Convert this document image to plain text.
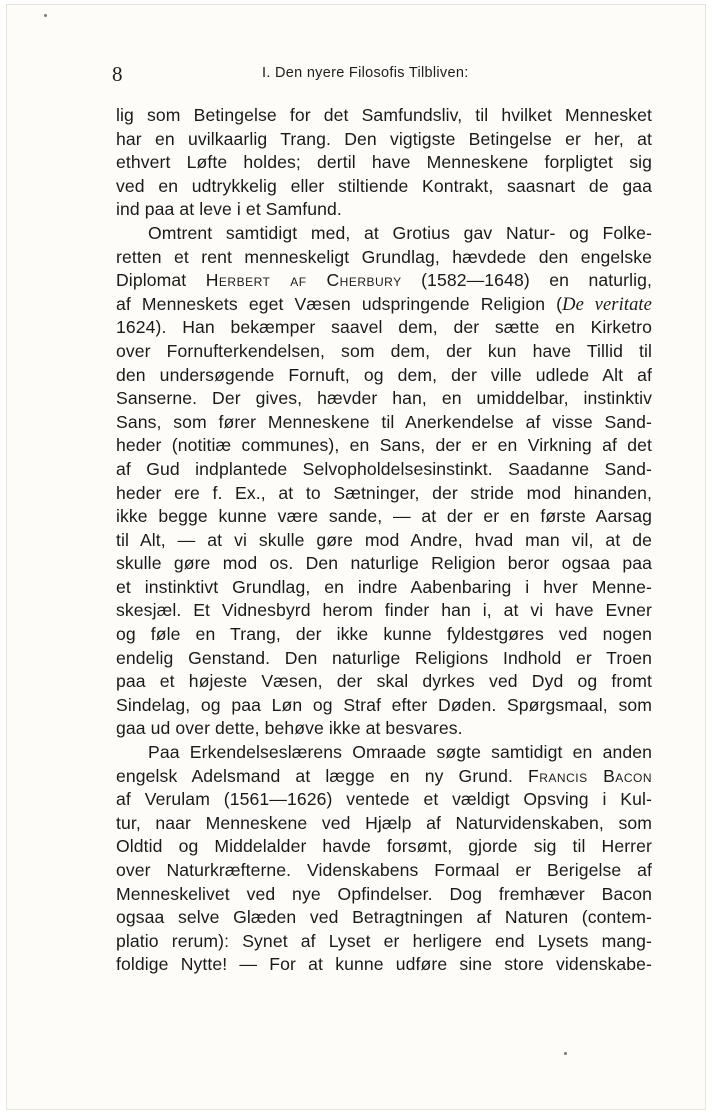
8	I. Den nyere Filosofis Tilbliven:
lig som Betingelse for det Samfundsliv, til hvilket Mennesket
har en uvilkaarlig Trang. Den vigtigste Betingelse er her, at
ethvert Løfte holdes; dertil have Menneskene forpligtet sig
ved en udtrykkelig eller stiltiende Kontrakt, saasnart de gaa
ind paa at leve i et Samfund.
Omtrent samtidigt med, at Grotius gav Natur- og Folke-
retten et rent menneskeligt Grundlag, hævdede den engelske
Diplomat Herbert af Cherbury (1582—1648) en naturlig,
af Menneskets eget Væsen udspringende Religion (De veritate
1624). Han bekæmper saavel dem, der sætte en Kirketro
over Fornufterkendelsen, som dem, der kun have Tillid til
den undersøgende Fornuft, og dem, der ville udlede Alt af
Sanserne. Der gives, hævder han, en umiddelbar, instinktiv
Sans, som fører Menneskene til Anerkendelse af visse Sand-
heder (notitiæ communes), en Sans, der er en Virkning af det
af Gud indplantede Selvopholdelsesinstinkt. Saadanne Sand-
heder ere f. Ex., at to Sætninger, der stride mod hinanden,
ikke begge kunne være sande, — at der er en første Aarsag
til Alt, — at vi skulle gøre mod Andre, hvad man vil, at de
skulle gøre mod os. Den naturlige Religion beror ogsaa paa
et instinktivt Grundlag, en indre Aabenbaring i hver Menne-
skesjæl. Et Vidnesbyrd herom finder han i, at vi have Evner
og føle en Trang, der ikke kunne fyldestgøres ved nogen
endelig Genstand. Den naturlige Religions Indhold er Troen
paa et højeste Væsen, der skal dyrkes ved Dyd og fromt
Sindelag, og paa Løn og Straf efter Døden. Spørgsmaal, som
gaa ud over dette, behøve ikke at besvares.
Paa Erkendelseslærens Omraade søgte samtidigt en anden
engelsk Adelsmand at lægge en ny Grund. Francis Bacon
af Verulam (1561—1626) ventede et vældigt Opsving i Kul-
tur, naar Menneskene ved Hjælp af Naturvidenskaben, som
Oldtid og Middelalder havde forsømt, gjorde sig til Herrer
over Naturkræfterne. Videnskabens Formaal er Berigelse af
Menneskelivet ved nye Opfindelser. Dog fremhæver Bacon
ogsaa selve Glæden ved Betragtningen af Naturen (contem-
platio rerum): Synet af Lyset er herligere end Lysets mang-
foldige Nytte! — For at kunne udføre sine store videnskabe-
